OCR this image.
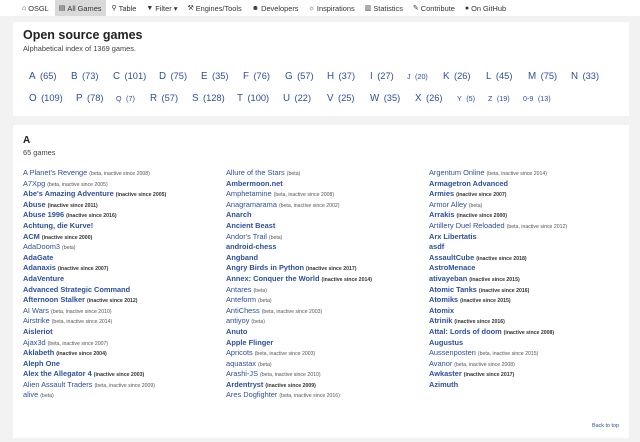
⌂ OSGL ▤ All Games ⚲ Table ▼ Filter ▾ ⚒ Engines/Tools ☻ Developers ☼ Inspirations ▥ Statistics ✎ Contribute ● On GitHub
Open source games
Alphabetical index of 1369 games.
A (65) B (73) C (101) D (75) E (35) F (76) G (57) H (37) I (27) J (20) K (26) L (45) M (75) N (33)
O (109) P (78) Q (7) R (57) S (128) T (100) U (22) V (25) W (35) X (26) Y (5) Z (19) 0-9 (13)
A
65 games
A Planet's Revenge (beta, inactive since 2008)
A7Xpg (beta, inactive since 2005)
Abe's Amazing Adventure (inactive since 2005)
Abuse (inactive since 2011)
Abuse 1996 (inactive since 2016)
Achtung, die Kurve!
ACM (inactive since 2000)
AdaDoom3 (beta)
AdaGate
Adanaxis (inactive since 2007)
AdaVenture
Advanced Strategic Command
Afternoon Stalker (inactive since 2012)
AI Wars (beta, inactive since 2010)
Airstrike (beta, inactive since 2014)
Aisleriot
Ajax3d (beta, inactive since 2007)
Aklabeth (inactive since 2004)
Aleph One
Alex the Allegator 4 (inactive since 2003)
Alien Assault Traders (beta, inactive since 2009)
alive (beta)
Allure of the Stars (beta)
Ambermoon.net
Amphetamine (beta, inactive since 2008)
Anagramarama (beta, inactive since 2002)
Anarch
Ancient Beast
Andor's Trail (beta)
android-chess
Angband
Angry Birds in Python (inactive since 2017)
Annex: Conquer the World (inactive since 2014)
Antares (beta)
Anteform (beta)
AntiChess (beta, inactive since 2003)
antiyoy (beta)
Anuto
Apple Flinger
Apricots (beta, inactive since 2003)
aquastax (beta)
Arashi-JS (beta, inactive since 2010)
Ardentryst (inactive since 2009)
Ares Dogfighter (beta, inactive since 2016)
Argentum Online (beta, inactive since 2014)
Armagetron Advanced
Armies (inactive since 2007)
Armor Alley (beta)
Arrakis (inactive since 2000)
Artillery Duel Reloaded (beta, inactive since 2012)
Arx Libertatis
asdf
AssaultCube (inactive since 2018)
AstroMenace
ativayeban (inactive since 2015)
Atomic Tanks (inactive since 2016)
Atomiks (inactive since 2015)
Atomix
Atrinik (inactive since 2016)
Attal: Lords of doom (inactive since 2008)
Augustus
Aussenposten (beta, inactive since 2015)
Avanor (beta, inactive since 2008)
Awkaster (inactive since 2017)
Azimuth
Back to top
